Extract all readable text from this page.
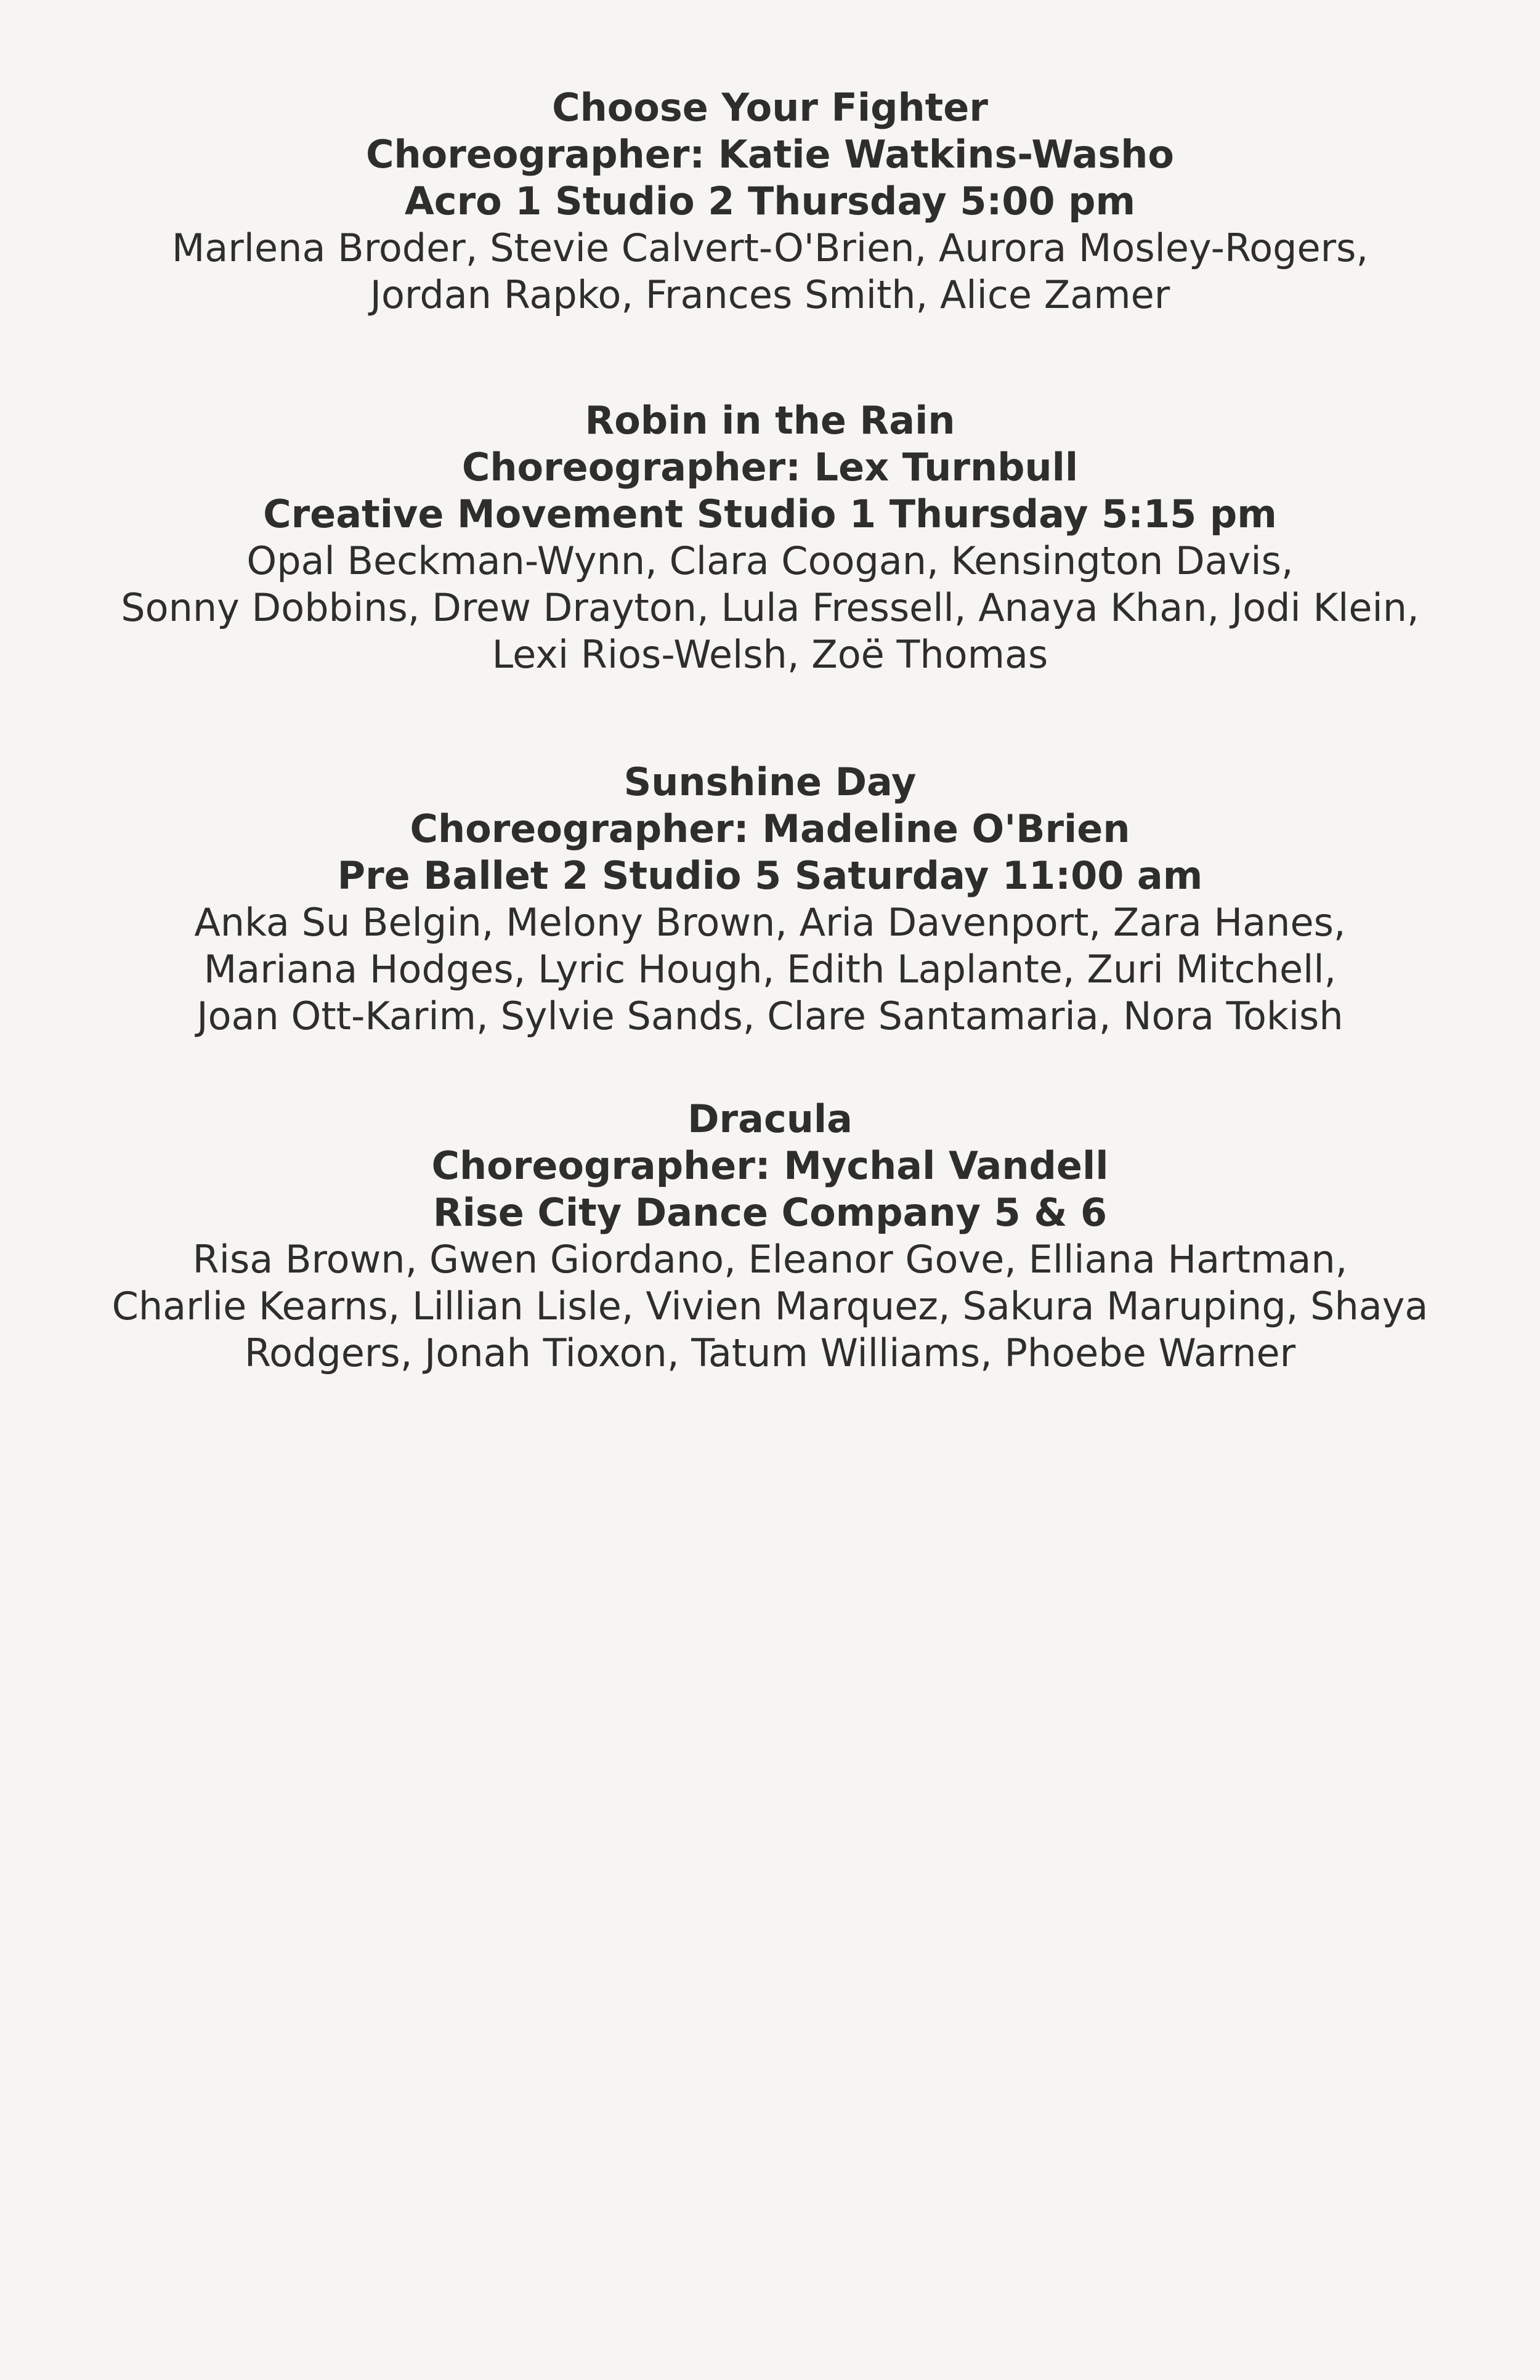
Choose Your Fighter
Choreographer: Katie Watkins-Washo
Acro 1 Studio 2 Thursday 5:00 pm
Marlena Broder, Stevie Calvert-O'Brien, Aurora Mosley-Rogers,
Jordan Rapko, Frances Smith, Alice Zamer
Robin in the Rain
Choreographer: Lex Turnbull
Creative Movement Studio 1 Thursday 5:15 pm
Opal Beckman-Wynn, Clara Coogan, Kensington Davis,
Sonny Dobbins, Drew Drayton, Lula Fressell, Anaya Khan, Jodi Klein,
Lexi Rios-Welsh, Zoë Thomas
Sunshine Day
Choreographer: Madeline O'Brien
Pre Ballet 2 Studio 5 Saturday 11:00 am
Anka Su Belgin, Melony Brown, Aria Davenport, Zara Hanes,
Mariana Hodges, Lyric Hough, Edith Laplante, Zuri Mitchell,
Joan Ott-Karim, Sylvie Sands, Clare Santamaria, Nora Tokish
Dracula
Choreographer: Mychal Vandell
Rise City Dance Company 5 & 6
Risa Brown, Gwen Giordano, Eleanor Gove, Elliana Hartman,
Charlie Kearns, Lillian Lisle, Vivien Marquez, Sakura Maruping, Shaya
Rodgers, Jonah Tioxon, Tatum Williams, Phoebe Warner
